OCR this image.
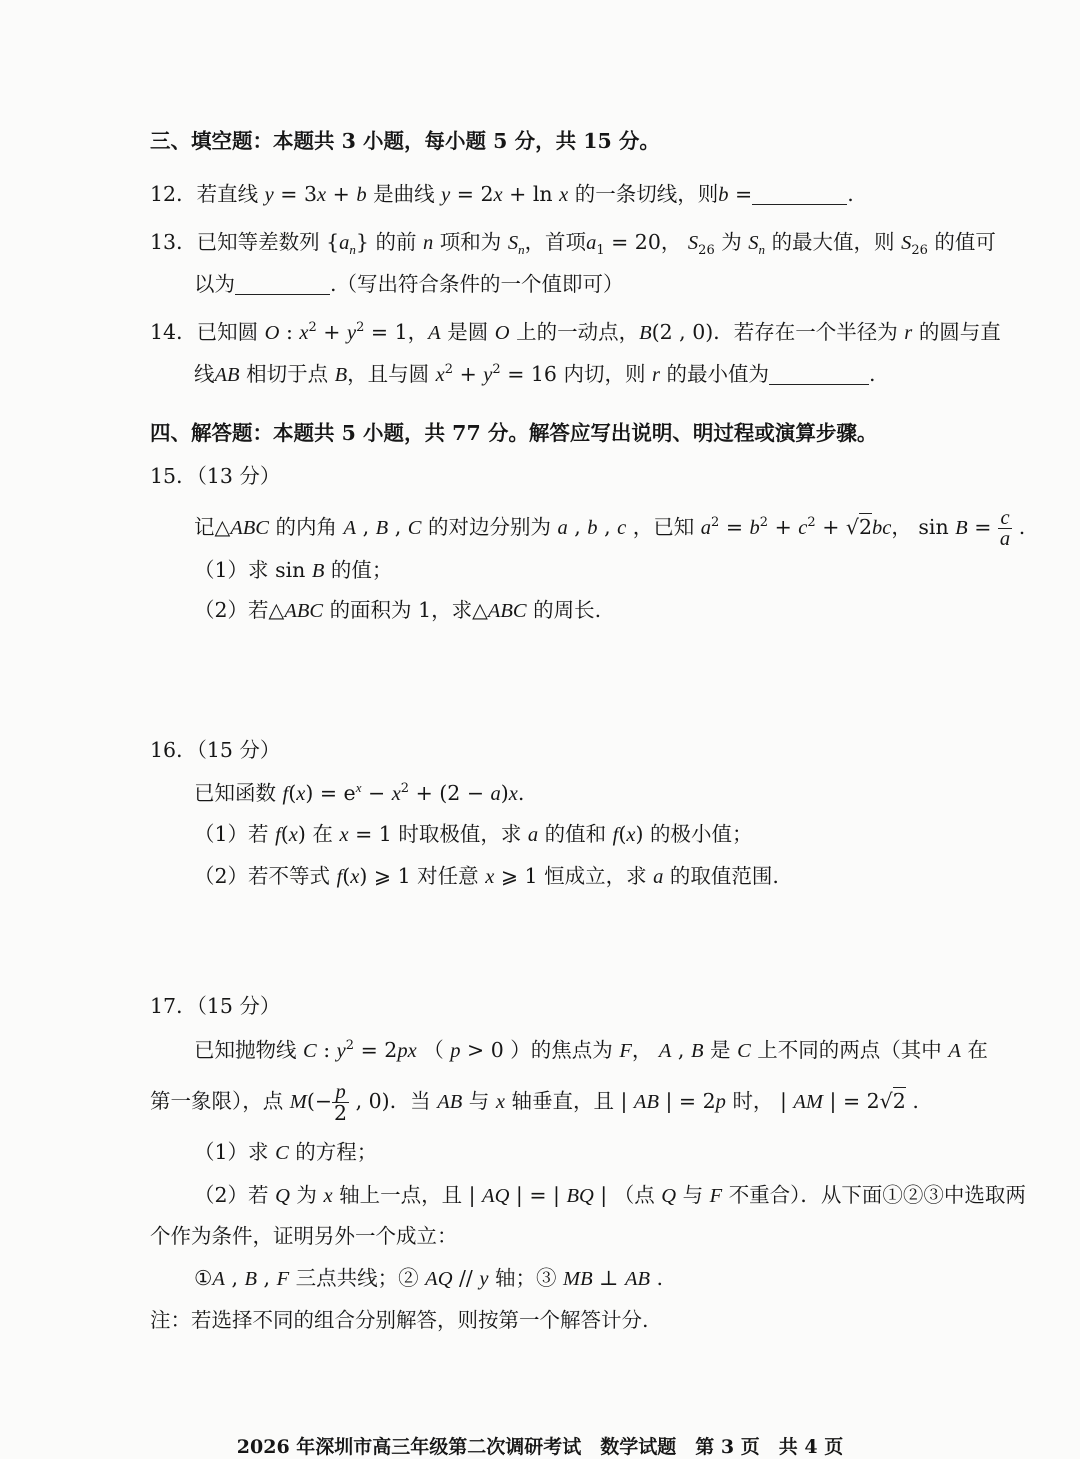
三、填空题：本题共 3 小题，每小题 5 分，共 15 分。
12．若直线 y = 3x + b 是曲线 y = 2x + ln x 的一条切线，则b =	.
13．已知等差数列 $\{a_n\}$ 的前 n 项和为 $S_n$，首项$a_1 = 20$， $S_{26}$ 为 $S_n$ 的最大值，则 $S_{26}$ 的值可
以为	.（写出符合条件的一个值即可）
14．已知圆 O : $x^2 + y^2 = 1$，A 是圆 O 上的一动点，B(2 , 0)．若存在一个半径为 r 的圆与直
线AB 相切于点 B，且与圆 $x^2 + y^2 = 16$ 内切，则 r 的最小值为	.
四、解答题：本题共 5 小题，共 77 分。解答应写出说明、明过程或演算步骤。
15．（13 分）
记△ABC 的内角 A , B , C 的对边分别为 a , b , c ，已知 $a^2 = b^2 + c^2 + √2bc$， $\sin B = \frac{c}{a}$ .
（1）求 sin B 的值；
（2）若△ABC 的面积为 1，求△ABC 的周长.
16．（15 分）
已知函数 $f(x) = e^x - x^2 + (2 - a)x$.
（1）若 f(x) 在 x = 1 时取极值，求 a 的值和 f(x) 的极小值；
（2）若不等式 f(x) ⩾ 1 对任意 x ⩾ 1 恒成立，求 a 的取值范围.
17．（15 分）
已知抛物线 C : $y^2 = 2px$ （ p > 0 ）的焦点为 F， A , B 是 C 上不同的两点（其中 A 在
第一象限），点 $M(- \frac{p}{2}$ , 0)．当 AB 与 x 轴垂直，且 | AB | = 2p 时， | AM | = 2√2 .
（1）求 C 的方程；
（2）若 Q 为 x 轴上一点，且 | AQ | = | BQ | （点 Q 与 F 不重合）．从下面①②③中选取两
个作为条件，证明另外一个成立：
①A , B , F 三点共线；② AQ // y 轴；③ MB ⊥ AB .
注：若选择不同的组合分别解答，则按第一个解答计分.
2026 年深圳市高三年级第二次调研考试　数学试题　第 3 页　共 4 页
